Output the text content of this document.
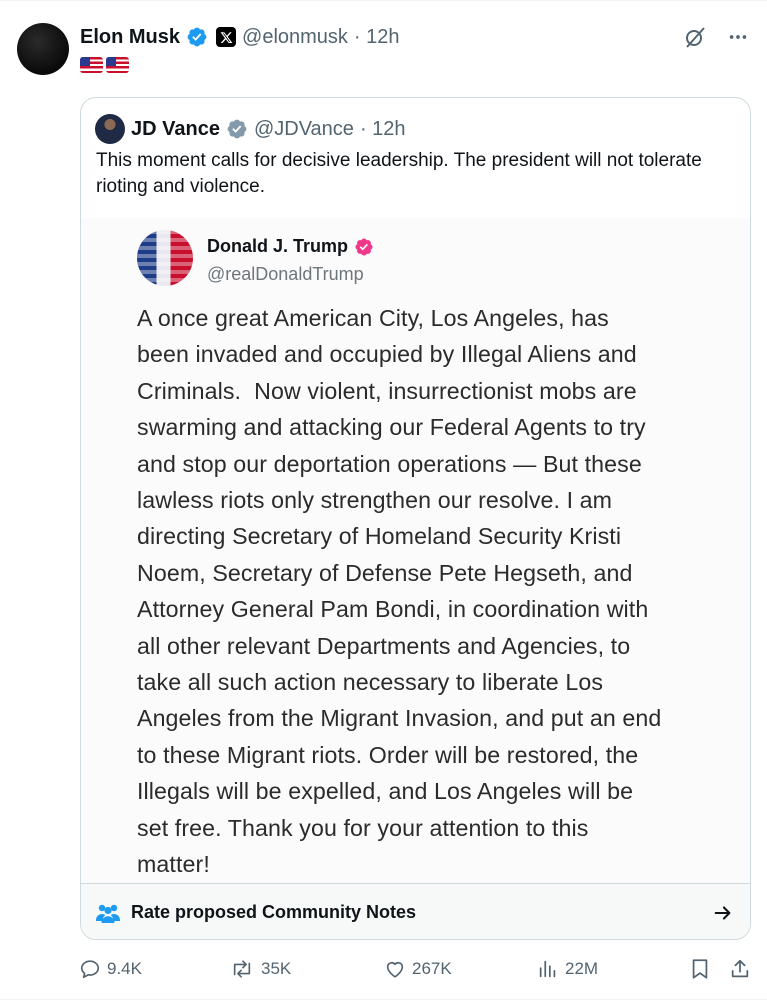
Elon Musk	@elonmusk · 12h
JD Vance @JDVance · 12h
This moment calls for decisive leadership. The president will not tolerate rioting and violence.
Donald J. Trump
@realDonaldTrump
A once great American City, Los Angeles, has
been invaded and occupied by Illegal Aliens and
Criminals.  Now violent, insurrectionist mobs are
swarming and attacking our Federal Agents to try
and stop our deportation operations — But these
lawless riots only strengthen our resolve. I am
directing Secretary of Homeland Security Kristi
Noem, Secretary of Defense Pete Hegseth, and
Attorney General Pam Bondi, in coordination with
all other relevant Departments and Agencies, to
take all such action necessary to liberate Los
Angeles from the Migrant Invasion, and put an end
to these Migrant riots. Order will be restored, the
Illegals will be expelled, and Los Angeles will be
set free. Thank you for your attention to this
matter!
Rate proposed Community Notes
9.4K	35K	267K	22M
